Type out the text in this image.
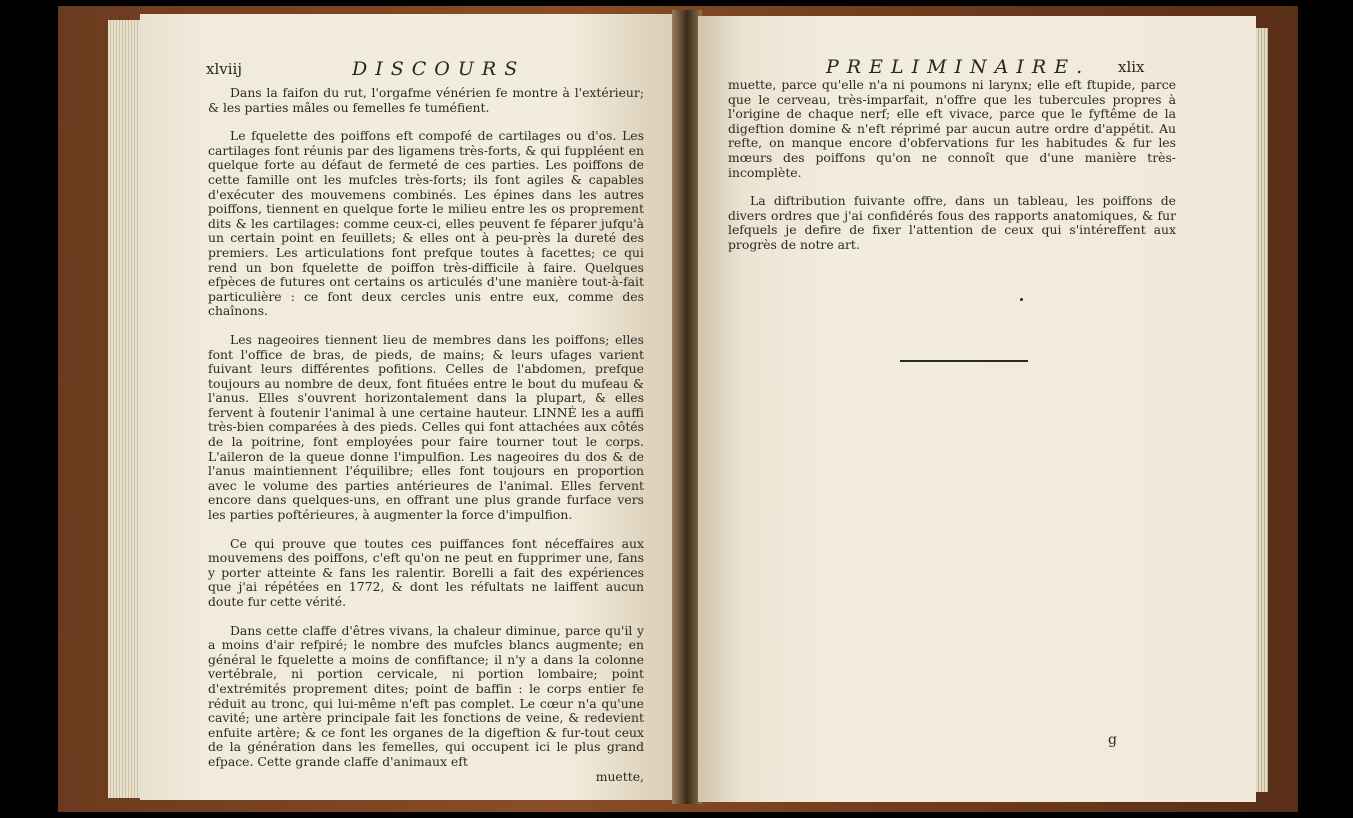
xlviij	DISCOURS

Dans la faifon du rut, l'orgafme vénérien fe montre à l'extérieur; & les parties mâles ou femelles fe tuméfient.

Le fquelette des poiffons eft compofé de cartilages ou d'os. Les cartilages font réunis par des ligamens très-forts, & qui fuppléent en quelque forte au défaut de fermeté de ces parties. Les poiffons de cette famille ont les mufcles très-forts; ils font agiles & capables d'exécuter des mouvemens combinés. Les épines dans les autres poiffons, tiennent en quelque forte le milieu entre les os proprement dits & les cartilages: comme ceux-ci, elles peuvent fe féparer jufqu'à un certain point en feuillets; & elles ont à peu-près la dureté des premiers. Les articulations font prefque toutes à facettes; ce qui rend un bon fquelette de poiffon très-difficile à faire. Quelques efpèces de futures ont certains os articulés d'une manière tout-à-fait particulière : ce font deux cercles unis entre eux, comme des chaînons.

Les nageoires tiennent lieu de membres dans les poiffons; elles font l'office de bras, de pieds, de mains; & leurs ufages varient fuivant leurs différentes pofitions. Celles de l'abdomen, prefque toujours au nombre de deux, font fituées entre le bout du mufeau & l'anus. Elles s'ouvrent horizontalement dans la plupart, & elles fervent à foutenir l'animal à une certaine hauteur. LINNÉ les a auffi très-bien comparées à des pieds. Celles qui font attachées aux côtés de la poitrine, font employées pour faire tourner tout le corps. L'aileron de la queue donne l'impulfion. Les nageoires du dos & de l'anus maintiennent l'équilibre; elles font toujours en proportion avec le volume des parties antérieures de l'animal. Elles fervent encore dans quelques-uns, en offrant une plus grande furface vers les parties poftérieures, à augmenter la force d'impulfion.

Ce qui prouve que toutes ces puiffances font néceffaires aux mouvemens des poiffons, c'eft qu'on ne peut en fupprimer une, fans y porter atteinte & fans les ralentir. Borelli a fait des expériences que j'ai répétées en 1772, & dont les réfultats ne laiffent aucun doute fur cette vérité.

Dans cette claffe d'êtres vivans, la chaleur diminue, parce qu'il y a moins d'air refpiré; le nombre des mufcles blancs augmente; en général le fquelette a moins de confiftance; il n'y a dans la colonne vertébrale, ni portion cervicale, ni portion lombaire; point d'extrémités proprement dites; point de baffin : le corps entier fe réduit au tronc, qui lui-même n'eft pas complet. Le cœur n'a qu'une cavité; une artère principale fait les fonctions de veine, & redevient enfuite artère; & ce font les organes de la digeftion & fur-tout ceux de la génération dans les femelles, qui occupent ici le plus grand efpace. Cette grande claffe d'animaux eft

muette,
PRELIMINAIRE. xlix

muette, parce qu'elle n'a ni poumons ni larynx; elle eft ftupide, parce que le cerveau, très-imparfait, n'offre que les tubercules propres à l'origine de chaque nerf; elle eft vivace, parce que le fyftême de la digeftion domine & n'eft réprimé par aucun autre ordre d'appétit. Au refte, on manque encore d'obfervations fur les habitudes & fur les mœurs des poiffons qu'on ne connoît que d'une manière très-incomplète.

La diftribution fuivante offre, dans un tableau, les poiffons de divers ordres que j'ai confidérés fous des rapports anatomiques, & fur lefquels je defire de fixer l'attention de ceux qui s'intéreffent aux progrès de notre art.

g
